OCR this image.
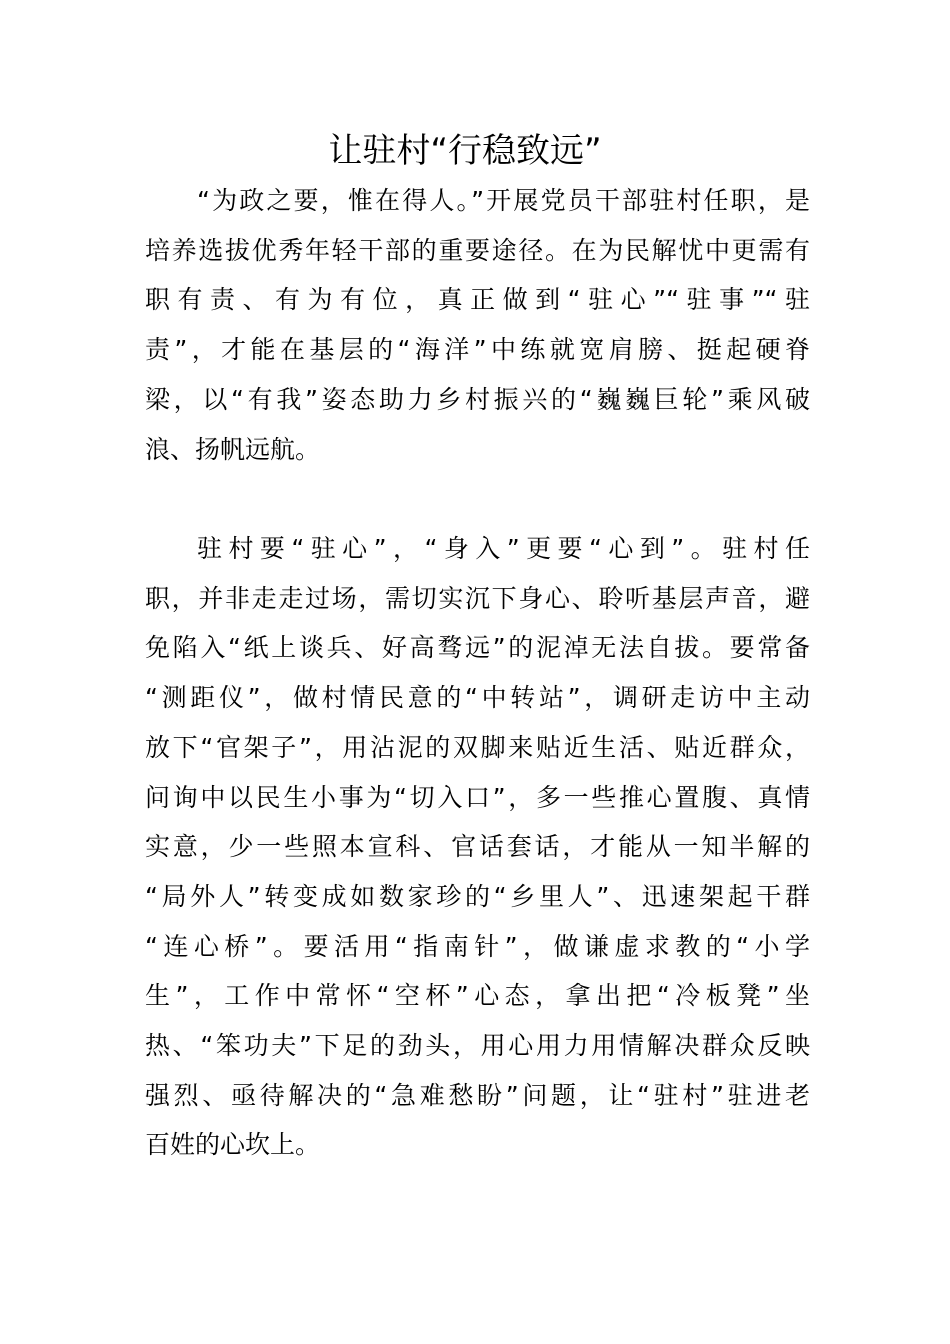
让驻村“行稳致远”
“为政之要，惟在得人。”开展党员干部驻村任职，是
培养选拔优秀年轻干部的重要途径。在为民解忧中更需有
职有责、有为有位，真正做到“驻心”“驻事”“驻
责”，才能在基层的“海洋”中练就宽肩膀、挺起硬脊
梁，以“有我”姿态助力乡村振兴的“巍巍巨轮”乘风破
浪、扬帆远航。
驻村要“驻心”，“身入”更要“心到”。驻村任
职，并非走走过场，需切实沉下身心、聆听基层声音，避
免陷入“纸上谈兵、好高骛远”的泥淖无法自拔。要常备
“测距仪”，做村情民意的“中转站”，调研走访中主动
放下“官架子”，用沾泥的双脚来贴近生活、贴近群众，
问询中以民生小事为“切入口”，多一些推心置腹、真情
实意，少一些照本宣科、官话套话，才能从一知半解的
“局外人”转变成如数家珍的“乡里人”、迅速架起干群
“连心桥”。要活用“指南针”，做谦虚求教的“小学
生”，工作中常怀“空杯”心态，拿出把“冷板凳”坐
热、“笨功夫”下足的劲头，用心用力用情解决群众反映
强烈、亟待解决的“急难愁盼”问题，让“驻村”驻进老
百姓的心坎上。
